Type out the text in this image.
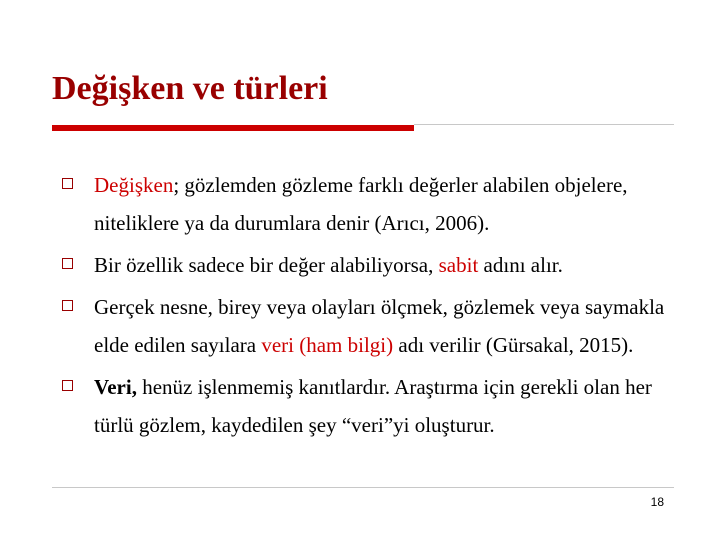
Değişken ve türleri
Değişken; gözlemden gözleme farklı değerler alabilen objelere, niteliklere ya da durumlara denir (Arıcı, 2006).
Bir özellik sadece bir değer alabiliyorsa, sabit adını alır.
Gerçek nesne, birey veya olayları ölçmek, gözlemek veya saymakla elde edilen sayılara veri (ham bilgi) adı verilir (Gürsakal, 2015).
Veri, henüz işlenmemiş kanıtlardır. Araştırma için gerekli olan her türlü gözlem, kaydedilen şey “veri”yi oluşturur.
18
